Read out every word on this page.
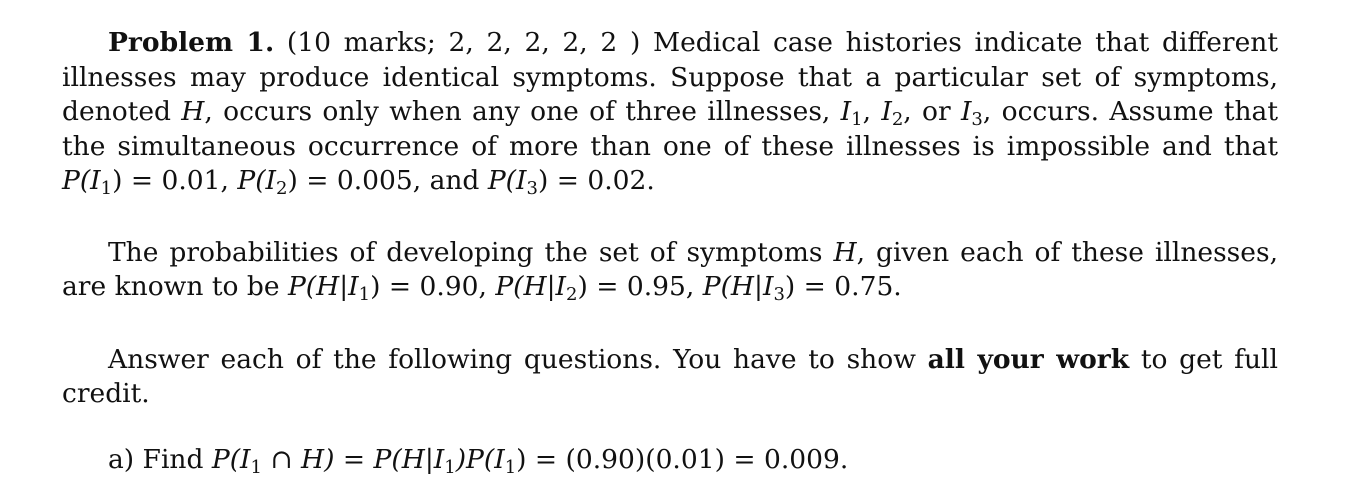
Problem 1. (10 marks; 2, 2, 2, 2, 2 ) Medical case histories indicate that different illnesses may produce identical symptoms. Suppose that a particular set of symptoms, denoted H, occurs only when any one of three illnesses, $I_1$, $I_2$, or $I_3$, occurs. Assume that the simultaneous occurrence of more than one of these illnesses is impossible and that $P(I_1) = 0.01$, $P(I_2) = 0.005$, and $P(I_3) = 0.02$.

The probabilities of developing the set of symptoms H, given each of these illnesses, are known to be $P(H|I_1) = 0.90$, $P(H|I_2) = 0.95$, $P(H|I_3) = 0.75$.

Answer each of the following questions. You have to show all your work to get full credit.

a) Find $P(I_1$ ∩ $H) = P(H|I_1)P(I_1) = (0.90)(0.01) = 0.009$.
